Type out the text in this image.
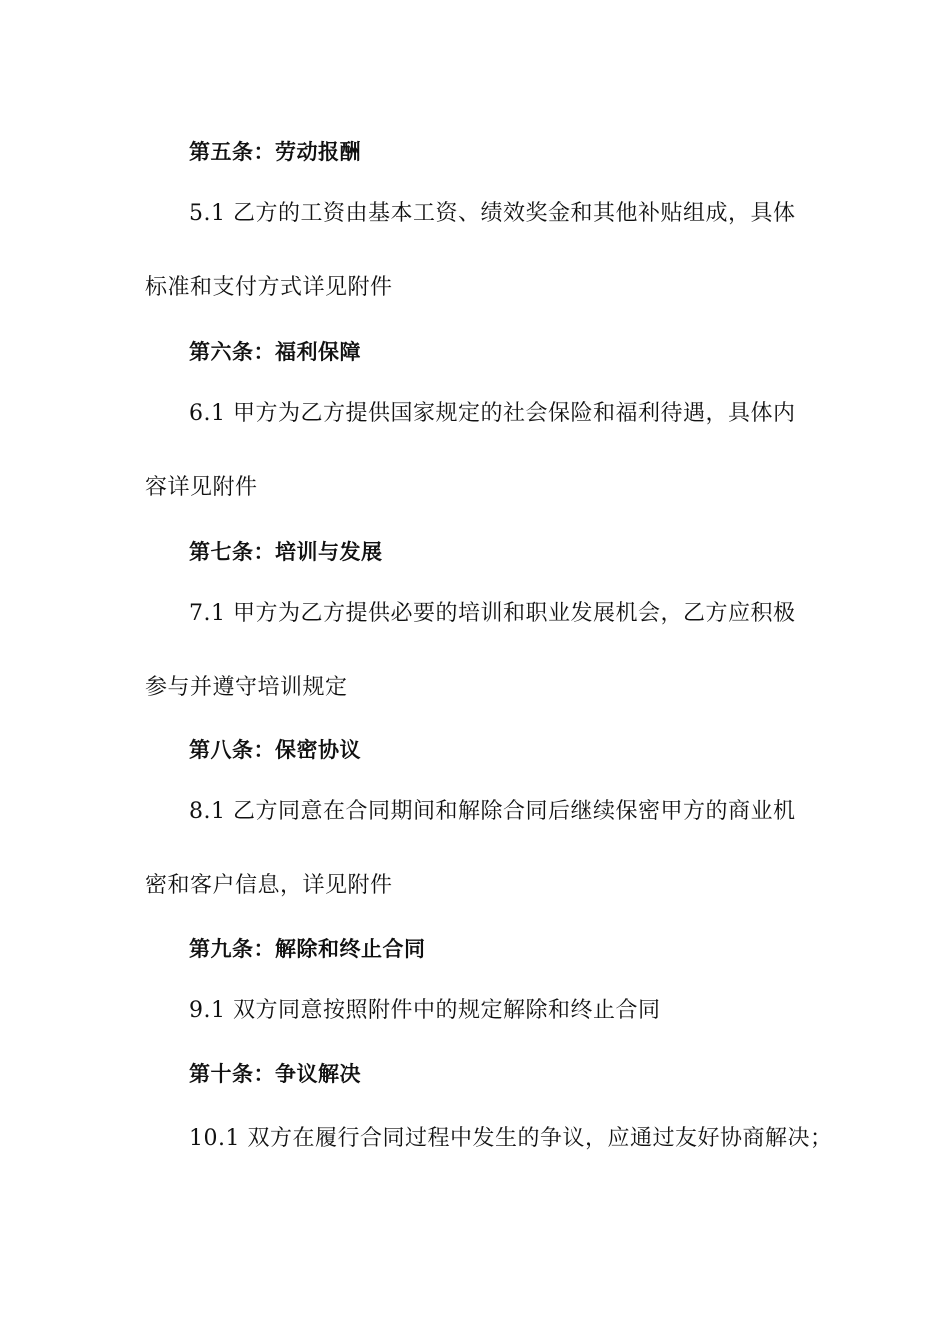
第五条：劳动报酬
5.1 乙方的工资由基本工资、绩效奖金和其他补贴组成，具体
标准和支付方式详见附件
第六条：福利保障
6.1 甲方为乙方提供国家规定的社会保险和福利待遇，具体内
容详见附件
第七条：培训与发展
7.1 甲方为乙方提供必要的培训和职业发展机会，乙方应积极
参与并遵守培训规定
第八条：保密协议
8.1 乙方同意在合同期间和解除合同后继续保密甲方的商业机
密和客户信息，详见附件
第九条：解除和终止合同
9.1 双方同意按照附件中的规定解除和终止合同
第十条：争议解决
10.1 双方在履行合同过程中发生的争议，应通过友好协商解决；
